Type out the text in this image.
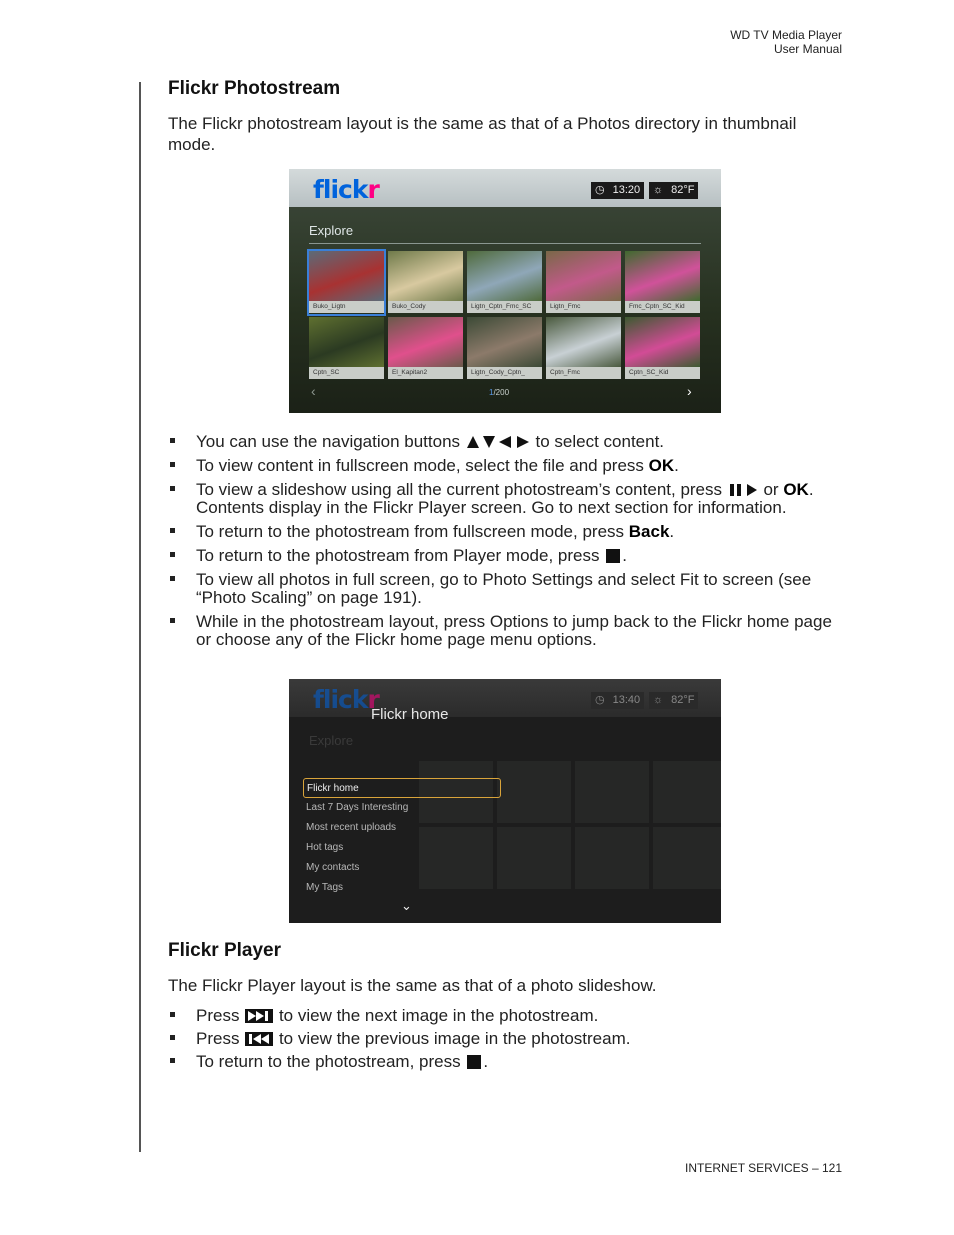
WD TV Media Player
User Manual
Flickr Photostream

The Flickr photostream layout is the same as that of a Photos directory in thumbnail mode.

You can use the navigation buttons	to select content.
To view content in fullscreen mode, select the file and press OK.
To view a slideshow using all the current photostream’s content, press  or OK. Contents display in the Flickr Player screen. Go to next section for information.
To return to the photostream from fullscreen mode, press Back.
To return to the photostream from Player mode, press .
To view all photos in full screen, go to Photo Settings and select Fit to screen (see “Photo Scaling” on page 191).
While in the photostream layout, press Options to jump back to the Flickr home page or choose any of the Flickr home page menu options.
Flickr Player

The Flickr Player layout is the same as that of a photo slideshow.

Press to view the next image in the photostream.
Press to view the previous image in the photostream.
To return to the photostream, press .
flickr	◷ 13:20	☼ 82°F
Explore
Buko_Ligtn	Buko_Cody	Ligtn_Cptn_Fmc_SC	Ligtn_Fmc	Fmc_Cptn_SC_Kid
Cptn_SC	El_Kapitan2	Ligtn_Cody_Cptn_	Cptn_Fmc	Cptn_SC_Kid
‹	1/200	›
flickr	◷ 13:40	☼ 82°F
Explore
Flickr home
Flickr home
Last 7 Days Interesting
Most recent uploads
Hot tags
My contacts
My Tags
⌄
INTERNET SERVICES – 121
